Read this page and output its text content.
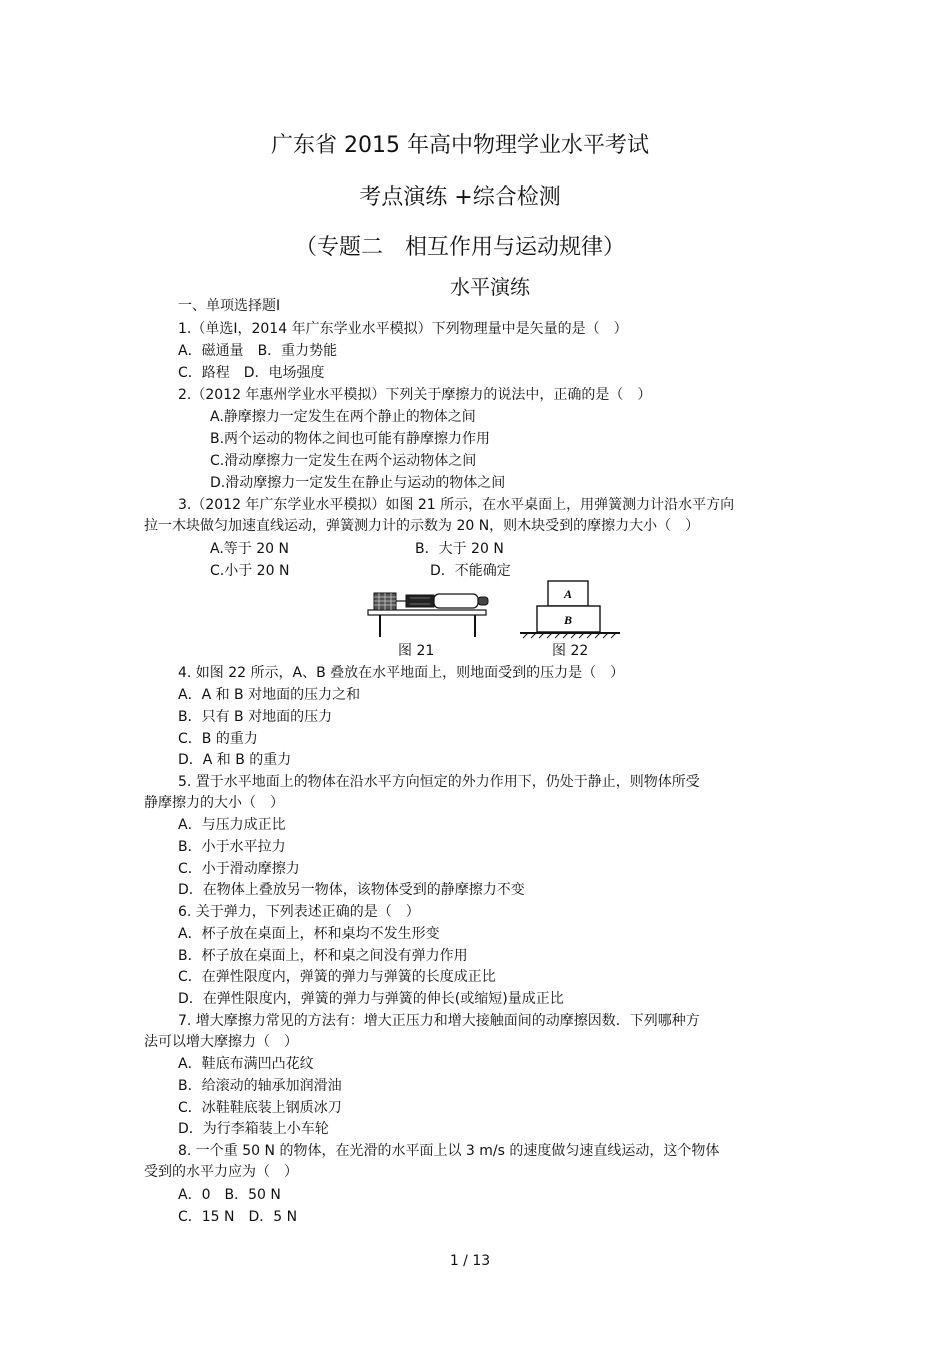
广东省 2015 年高中物理学业水平考试
考点演练 +综合检测
（专题二　相互作用与运动规律）
水平演练
一、单项选择题Ⅰ
1.（单选Ⅰ，2014 年广东学业水平模拟）下列物理量中是矢量的是（　）
A．磁通量　B．重力势能
C．路程　D．电场强度
2.（2012 年惠州学业水平模拟）下列关于摩擦力的说法中，正确的是（　）
A.静摩擦力一定发生在两个静止的物体之间
B.两个运动的物体之间也可能有静摩擦力作用
C.滑动摩擦力一定发生在两个运动物体之间
D.滑动摩擦力一定发生在静止与运动的物体之间
3.（2012 年广东学业水平模拟）如图 21 所示，在水平桌面上，用弹簧测力计沿水平方向
拉一木块做匀加速直线运动，弹簧测力计的示数为 20 N，则木块受到的摩擦力大小（　）
A.等于 20 N	B．大于 20 N
C.小于 20 N	D．不能确定
图 21
A
B
图 22
4. 如图 22 所示，A、B 叠放在水平地面上，则地面受到的压力是（　）
A．A 和 B 对地面的压力之和
B．只有 B 对地面的压力
C．B 的重力
D．A 和 B 的重力
5. 置于水平地面上的物体在沿水平方向恒定的外力作用下，仍处于静止，则物体所受
静摩擦力的大小（　）
A．与压力成正比
B．小于水平拉力
C．小于滑动摩擦力
D．在物体上叠放另一物体，该物体受到的静摩擦力不变
6. 关于弹力，下列表述正确的是（　）
A．杯子放在桌面上，杯和桌均不发生形变
B．杯子放在桌面上，杯和桌之间没有弹力作用
C．在弹性限度内，弹簧的弹力与弹簧的长度成正比
D．在弹性限度内，弹簧的弹力与弹簧的伸长(或缩短)量成正比
7. 增大摩擦力常见的方法有：增大正压力和增大接触面间的动摩擦因数．下列哪种方
法可以增大摩擦力（　）
A．鞋底布满凹凸花纹
B．给滚动的轴承加润滑油
C．冰鞋鞋底装上钢质冰刀
D．为行李箱装上小车轮
8. 一个重 50 N 的物体，在光滑的水平面上以 3 m/s 的速度做匀速直线运动，这个物体
受到的水平力应为（　）
A．0　B．50 N
C．15 N　D．5 N
1 / 13
